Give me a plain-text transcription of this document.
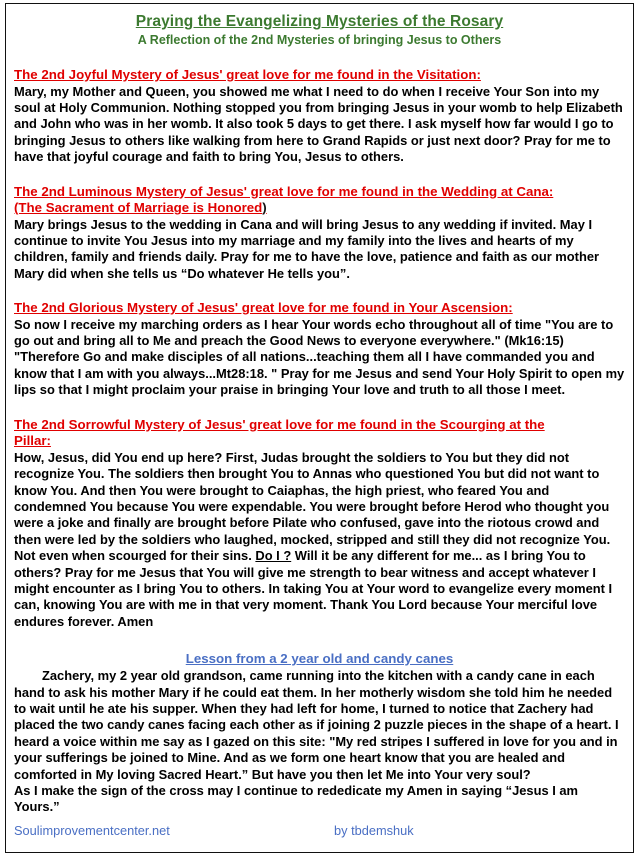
Praying the Evangelizing Mysteries of the Rosary
A Reflection of the 2nd Mysteries of bringing Jesus to Others
The 2nd Joyful Mystery of Jesus' great love for me found in the Visitation:
Mary, my Mother and Queen, you showed me what I need to do when I receive Your Son into my soul at Holy Communion. Nothing stopped you from bringing Jesus in your womb to help Elizabeth and John who was in her womb. It also took 5 days to get there. I ask myself how far would I go to bringing Jesus to others like walking from here to Grand Rapids or just next door? Pray for me to have that joyful courage and faith to bring You, Jesus to others.
The 2nd Luminous Mystery of Jesus' great love for me found in the Wedding at Cana:
(The Sacrament of Marriage is Honored)
Mary brings Jesus to the wedding in Cana and will bring Jesus to any wedding if invited. May I continue to invite You Jesus into my marriage and my family into the lives and hearts of my children, family and friends daily. Pray for me to have the love, patience and faith as our mother Mary did when she tells us “Do whatever He tells you”.
The 2nd Glorious Mystery of Jesus' great love for me found in Your Ascension:
So now I receive my marching orders as I hear Your words echo throughout all of time "You are to go out and bring all to Me and preach the Good News to everyone everywhere." (Mk16:15) "Therefore Go and make disciples of all nations...teaching them all I have commanded you and know that I am with you always...Mt28:18. " Pray for me Jesus and send Your Holy Spirit to open my lips so that I might proclaim your praise in bringing Your love and truth to all those I meet.
The 2nd Sorrowful Mystery of Jesus' great love for me found in the Scourging at the
Pillar:
How, Jesus, did You end up here? First, Judas brought the soldiers to You but they did not recognize You. The soldiers then brought You to Annas who questioned You but did not want to know You. And then You were brought to Caiaphas, the high priest, who feared You and condemned You because You were expendable. You were brought before Herod who thought you were a joke and finally are brought before Pilate who confused, gave into the riotous crowd and then were led by the soldiers who laughed, mocked, stripped and still they did not recognize You. Not even when scourged for their sins. Do I ? Will it be any different for me... as I bring You to others? Pray for me Jesus that You will give me strength to bear witness and accept whatever I might encounter as I bring You to others. In taking You at Your word to evangelize every moment I can, knowing You are with me in that very moment. Thank You Lord because Your merciful love endures forever. Amen
Lesson from a 2 year old and candy canes
Zachery, my 2 year old grandson, came running into the kitchen with a candy cane in each hand to ask his mother Mary if he could eat them. In her motherly wisdom she told him he needed to wait until he ate his supper. When they had left for home, I turned to notice that Zachery had placed the two candy canes facing each other as if joining 2 puzzle pieces in the shape of a heart. I heard a voice within me say as I gazed on this site: "My red stripes I suffered in love for you and in your sufferings be joined to Mine. And as we form one heart know that you are healed and comforted in My loving Sacred Heart.” But have you then let Me into Your very soul?
As I make the sign of the cross may I continue to rededicate my Amen in saying “Jesus I am Yours.”
Soulimprovementcenter.net	by tbdemshuk
